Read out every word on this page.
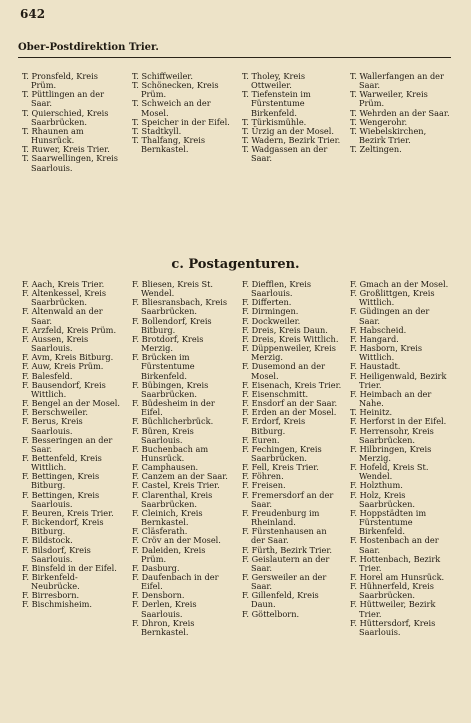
642
Ober-Postdirektion Trier.
T. Pronsfeld, Kreis Prüm.
T. Püttlingen an der Saar.
T. Quierschied, Kreis Saarbrücken.
T. Rhaunen am Hunsrück.
T. Ruwer, Kreis Trier.
T. Saarwellingen, Kreis Saarlouis.
T. Schiffweiler.
T. Schönecken, Kreis Prüm.
T. Schweich an der Mosel.
T. Speicher in der Eifel.
T. Stadtkyll.
T. Thalfang, Kreis Bernkastel.
T. Tholey, Kreis Ottweiler.
T. Tiefenstein im Fürstentume Birkenfeld.
T. Türkismühle.
T. Ürzig an der Mosel.
T. Wadern, Bezirk Trier.
T. Wadgassen an der Saar.
T. Wallerfangen an der Saar.
T. Warweiler, Kreis Prüm.
T. Wehrden an der Saar.
T. Wengerohr.
T. Wiebelskirchen, Bezirk Trier.
T. Zeltingen.
c. Postagenturen.
F. Aach, Kreis Trier.
F. Altenkessel, Kreis Saarbrücken.
F. Altenwald an der Saar.
F. Arzfeld, Kreis Prüm.
F. Aussen, Kreis Saarlouis.
F. Avm, Kreis Bitburg.
F. Auw, Kreis Prüm.
F. Balesfeld.
F. Bausendorf, Kreis Wittlich.
F. Bengel an der Mosel.
F. Berschweiler.
F. Berus, Kreis Saarlouis.
F. Besseringen an der Saar.
F. Bettenfeld, Kreis Wittlich.
F. Bettingen, Kreis Bitburg.
F. Bettingen, Kreis Saarlouis.
F. Beuren, Kreis Trier.
F. Bickendorf, Kreis Bitburg.
F. Bildstock.
F. Bilsdorf, Kreis Saarlouis.
F. Binsfeld in der Eifel.
F. Birkenfeld-Neubrücke.
F. Birresborn.
F. Bischmisheim.
F. Bliesen, Kreis St. Wendel.
F. Bliesransbach, Kreis Saarbrücken.
F. Bollendorf, Kreis Bitburg.
F. Brotdorf, Kreis Merzig.
F. Brücken im Fürstentume Birkenfeld.
F. Bübingen, Kreis Saarbrücken.
F. Büdesheim in der Eifel.
F. Büchlicherbrück.
F. Büren, Kreis Saarlouis.
F. Buchenbach am Hunsrück.
F. Camphausen.
F. Canzem an der Saar.
F. Castel, Kreis Trier.
F. Clarenthal, Kreis Saarbrücken.
F. Cleinich, Kreis Bernkastel.
F. Cläsferath.
F. Cröv an der Mosel.
F. Daleiden, Kreis Prüm.
F. Dasburg.
F. Daufenbach in der Eifel.
F. Densborn.
F. Derlen, Kreis Saarlouis.
F. Dhron, Kreis Bernkastel.
F. Diefflen, Kreis Saarlouis.
F. Differten.
F. Dirmingen.
F. Dockweiler.
F. Dreis, Kreis Daun.
F. Dreis, Kreis Wittlich.
F. Düppenweiler, Kreis Merzig.
F. Dusemond an der Mosel.
F. Eisenach, Kreis Trier.
F. Eisenschmitt.
F. Ensdorf an der Saar.
F. Erden an der Mosel.
F. Erdorf, Kreis Bitburg.
F. Euren.
F. Fechingen, Kreis Saarbrücken.
F. Fell, Kreis Trier.
F. Föhren.
F. Freisen.
F. Fremersdorf an der Saar.
F. Freudenburg im Rheinland.
F. Fürstenhausen an der Saar.
F. Fürth, Bezirk Trier.
F. Geislautern an der Saar.
F. Gersweiler an der Saar.
F. Gillenfeld, Kreis Daun.
F. Göttelborn.
F. Gmach an der Mosel.
F. Großlittgen, Kreis Wittlich.
F. Güdingen an der Saar.
F. Habscheid.
F. Hangard.
F. Hasborn, Kreis Wittlich.
F. Haustadt.
F. Heiligenwald, Bezirk Trier.
F. Heimbach an der Nahe.
T. Heinitz.
F. Herforst in der Eifel.
F. Herrensohr, Kreis Saarbrücken.
F. Hilbringen, Kreis Merzig.
F. Hofeld, Kreis St. Wendel.
F. Holzthum.
F. Holz, Kreis Saarbrücken.
F. Hoppstädten im Fürstentume Birkenfeld.
F. Hostenbach an der Saar.
F. Hottenbach, Bezirk Trier.
F. Horel am Hunsrück.
F. Hühnerfeld, Kreis Saarbrücken.
F. Hüttweiler, Bezirk Trier.
F. Hüttersdorf, Kreis Saarlouis.
